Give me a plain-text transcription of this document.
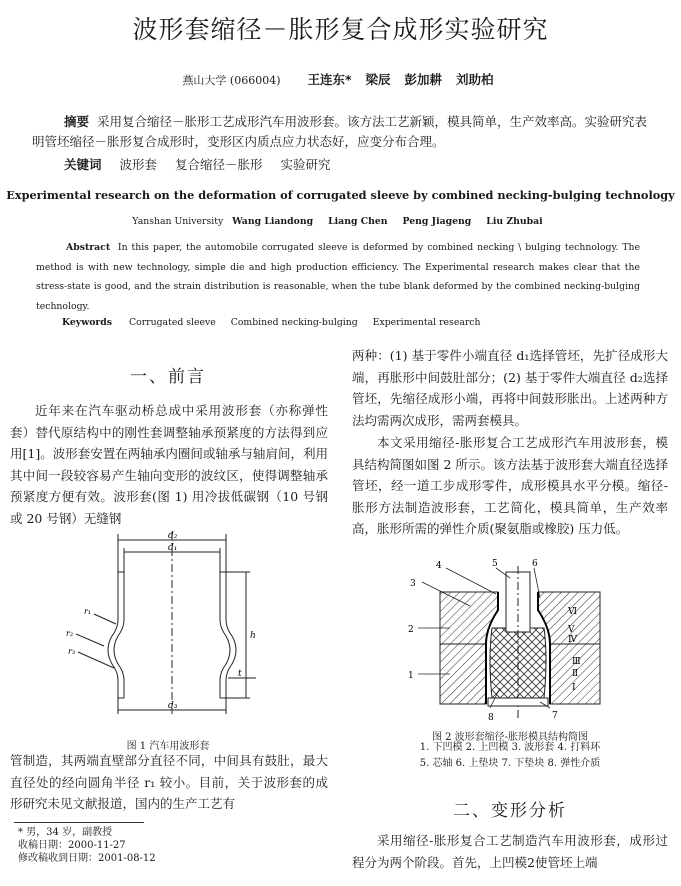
波形套缩径－胀形复合成形实验研究
燕山大学 (066004) 王连东* 梁辰 彭加耕 刘助柏
摘要 采用复合缩径－胀形工艺成形汽车用波形套。该方法工艺新颖，模具简单，生产效率高。实验研究表明管坯缩径－胀形复合成形时，变形区内质点应力状态好，应变分布合理。
关键词 波形套 复合缩径－胀形 实验研究
Experimental research on the deformation of corrugated sleeve by combined necking-bulging technology
Yanshan University Wang Liandong Liang Chen Peng Jiageng Liu Zhubai
Abstract In this paper, the automobile corrugated sleeve is deformed by combined necking \ bulging technology. The method is with new technology, simple die and high production efficiency. The Experimental research makes clear that the stress-state is good, and the strain distribution is reasonable, when the tube blank deformed by the combined necking-bulging technology.
Keywords Corrugated sleeve Combined necking-bulging Experimental research
一、前言
近年来在汽车驱动桥总成中采用波形套（亦称弹性套）替代原结构中的刚性套调整轴承预紧度的方法得到应用[1]。波形套安置在两轴承内圈间或轴承与轴肩间，利用其中间一段较容易产生轴向变形的波纹区，使得调整轴承预紧度方便有效。波形套(图 1) 用冷拔低碳钢（10 号钢或 20 号钢）无缝钢
d₂
d₁
d₃
h
t
r₁
r₂
r₃
图 1 汽车用波形套
管制造，其两端直壁部分直径不同，中间具有鼓肚，最大直径处的经向圆角半径 r₁ 较小。目前，关于波形套的成形研究未见文献报道，国内的生产工艺有
* 男，34 岁，副教授
收稿日期：2000-11-27
修改稿收到日期：2001-08-12
两种：(1) 基于零件小端直径 d₁选择管坯，先扩径成形大端，再胀形中间鼓肚部分；(2) 基于零件大端直径 d₂选择管坯，先缩径成形小端，再将中间鼓形胀出。上述两种方法均需两次成形，需两套模具。
本文采用缩径-胀形复合工艺成形汽车用波形套，模具结构简图如图 2 所示。该方法基于波形套大端直径选择管坯，经一道工步成形零件，成形模具水平分模。缩径-胀形方法制造波形套，工艺简化，模具简单，生产效率高，胀形所需的弹性介质(聚氨脂或橡胶) 压力低。
3
4	5	6
2
1
8	7
Ⅵ
Ⅴ
Ⅳ
Ⅲ
Ⅱ
Ⅰ
图 2 波形套缩径-胀形模具结构简图
1. 下凹模 2. 上凹模 3. 波形套 4. 打料环
5. 芯轴 6. 上垫块 7. 下垫块 8. 弹性介质
二、变形分析
采用缩径-胀形复合工艺制造汽车用波形套，成形过程分为两个阶段。首先，上凹模2使管坯上端
